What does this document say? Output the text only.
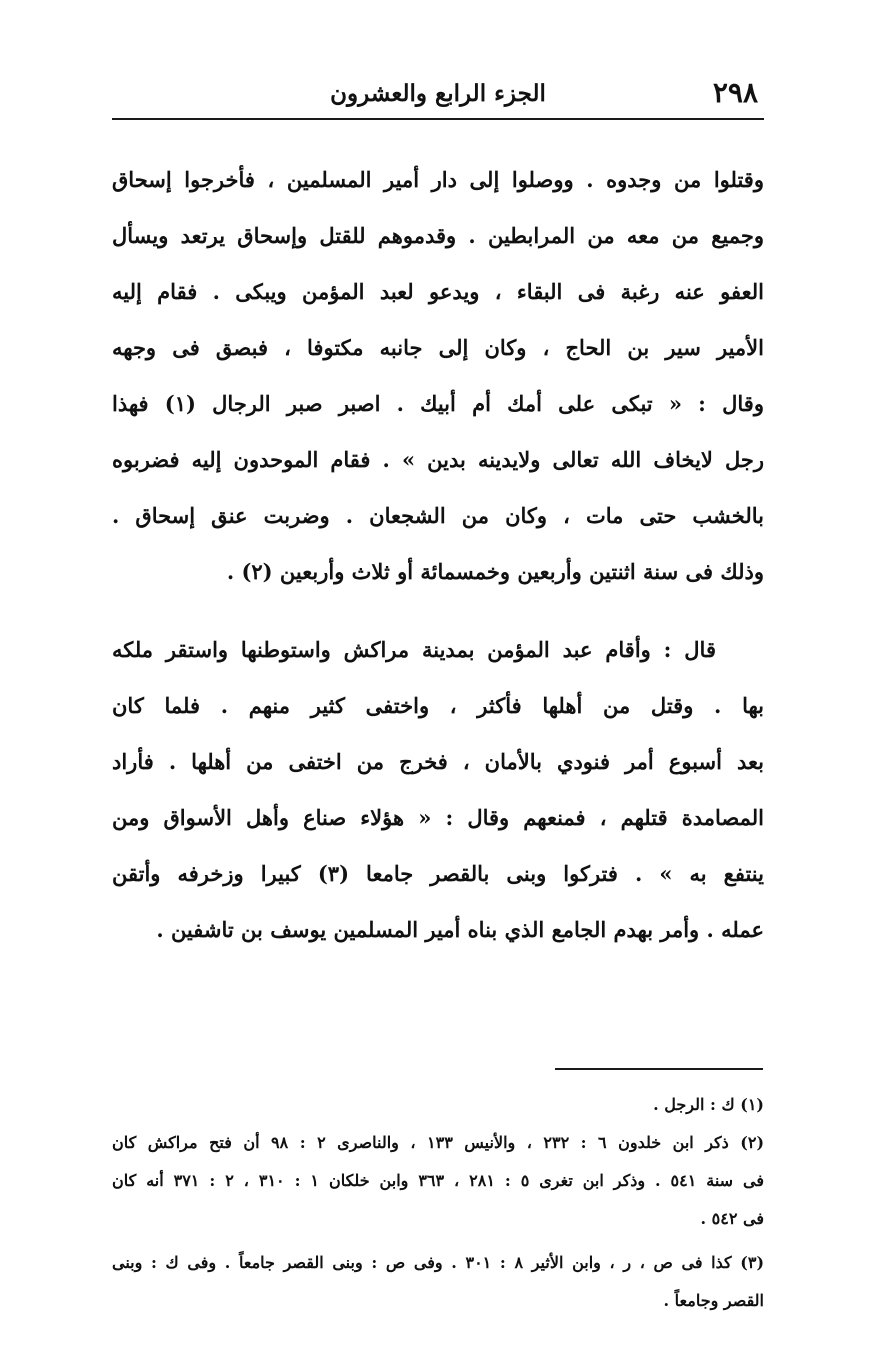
٢٩٨
الجزء الرابع والعشرون
وقتلوا من وجدوه . ووصلوا إلى دار أمير المسلمين ، فأخرجوا إسحاق
وجميع من معه من المرابطين . وقدموهم للقتل وإسحاق يرتعد ويسأل
العفو عنه رغبة فى البقاء ، ويدعو لعبد المؤمن ويبكى . فقام إليه
الأمير سير بن الحاج ، وكان إلى جانبه مكتوفا ، فبصق فى وجهه
وقال : « تبكى على أمك أم أبيك . اصبر صبر الرجال (١) فهذا
رجل لايخاف الله تعالى ولايدينه بدين » . فقام الموحدون إليه فضربوه
بالخشب حتى مات ، وكان من الشجعان . وضربت عنق إسحاق .
وذلك فى سنة اثنتين وأربعين وخمسمائة أو ثلاث وأربعين (٢) .
قال : وأقام عبد المؤمن بمدينة مراكش واستوطنها واستقر ملكه
بها . وقتل من أهلها فأكثر ، واختفى كثير منهم . فلما كان
بعد أسبوع أمر فنودي بالأمان ، فخرج من اختفى من أهلها . فأراد
المصامدة قتلهم ، فمنعهم وقال : « هؤلاء صناع وأهل الأسواق ومن
ينتفع به » . فتركوا وبنى بالقصر جامعا (٣) كبيرا وزخرفه وأتقن
عمله . وأمر بهدم الجامع الذي بناه أمير المسلمين يوسف بن تاشفين .
(١) ك : الرجل .
(٢) ذكر ابن خلدون ٦ : ٢٣٢ ، والأنيس ١٣٣ ، والناصرى ٢ : ٩٨ أن فتح مراكش كان
فى سنة ٥٤١ . وذكر ابن تغرى ٥ : ٢٨١ ، ٣٦٣ وابن خلكان ١ : ٣١٠ ، ٢ : ٣٧١ أنه كان
فى ٥٤٢ .
(٣) كذا فى ص ، ر ، وابن الأثير ٨ : ٣٠١ . وفى ص : وبنى القصر جامعاً . وفى ك : وبنى
القصر وجامعاً .
